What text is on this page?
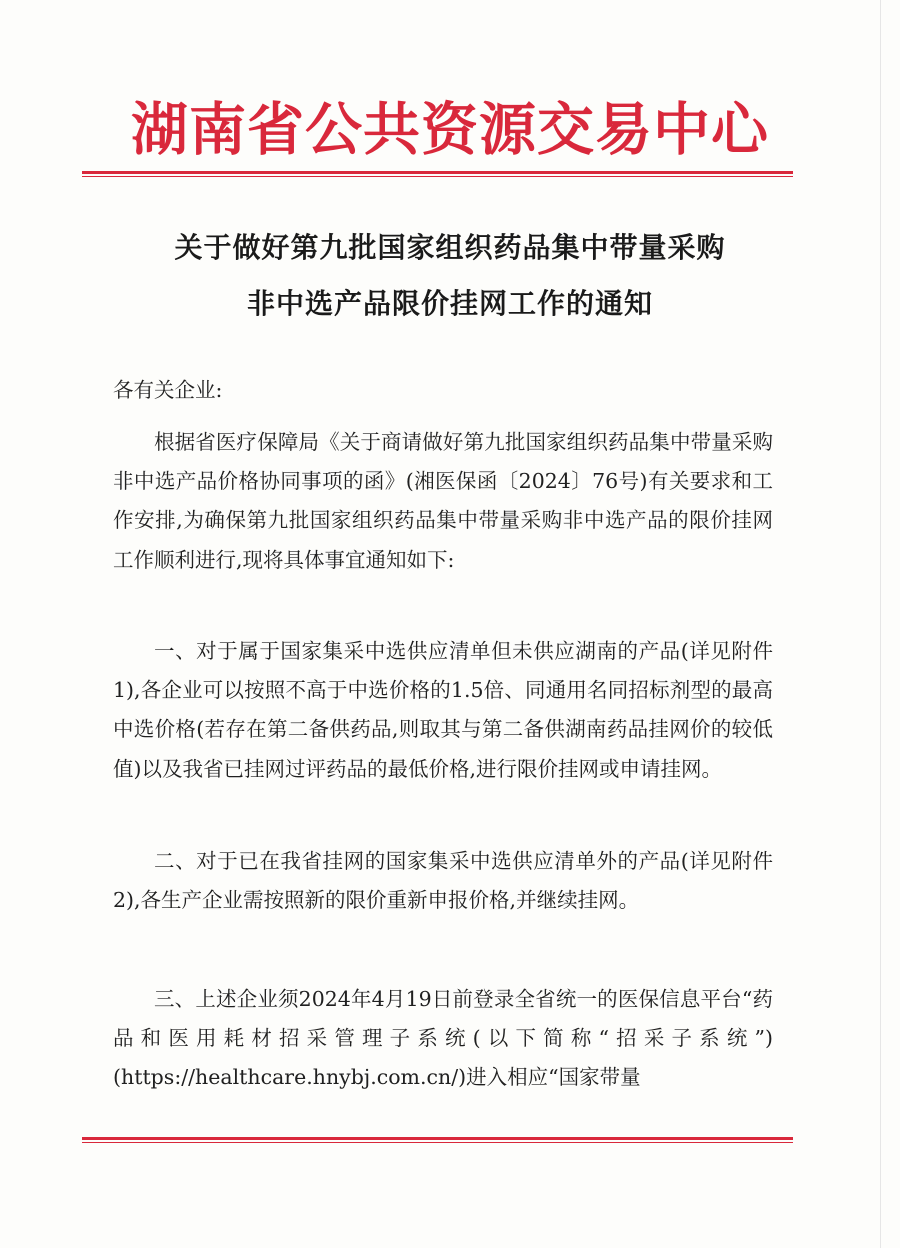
湖南省公共资源交易中心
关于做好第九批国家组织药品集中带量采购
非中选产品限价挂网工作的通知

各有关企业:

根据省医疗保障局《关于商请做好第九批国家组织药品集中带量采购非中选产品价格协同事项的函》(湘医保函〔2024〕76号)有关要求和工作安排,为确保第九批国家组织药品集中带量采购非中选产品的限价挂网工作顺利进行,现将具体事宜通知如下:

一、对于属于国家集采中选供应清单但未供应湖南的产品(详见附件1),各企业可以按照不高于中选价格的1.5倍、同通用名同招标剂型的最高中选价格(若存在第二备供药品,则取其与第二备供湖南药品挂网价的较低值)以及我省已挂网过评药品的最低价格,进行限价挂网或申请挂网。

二、对于已在我省挂网的国家集采中选供应清单外的产品(详见附件2),各生产企业需按照新的限价重新申报价格,并继续挂网。

三、上述企业须2024年4月19日前登录全省统一的医保信息平台“药品和医用耗材招采管理子系统(以下简称“招采子系统”)(https://healthcare.hnybj.com.cn/)进入相应“国家带量
